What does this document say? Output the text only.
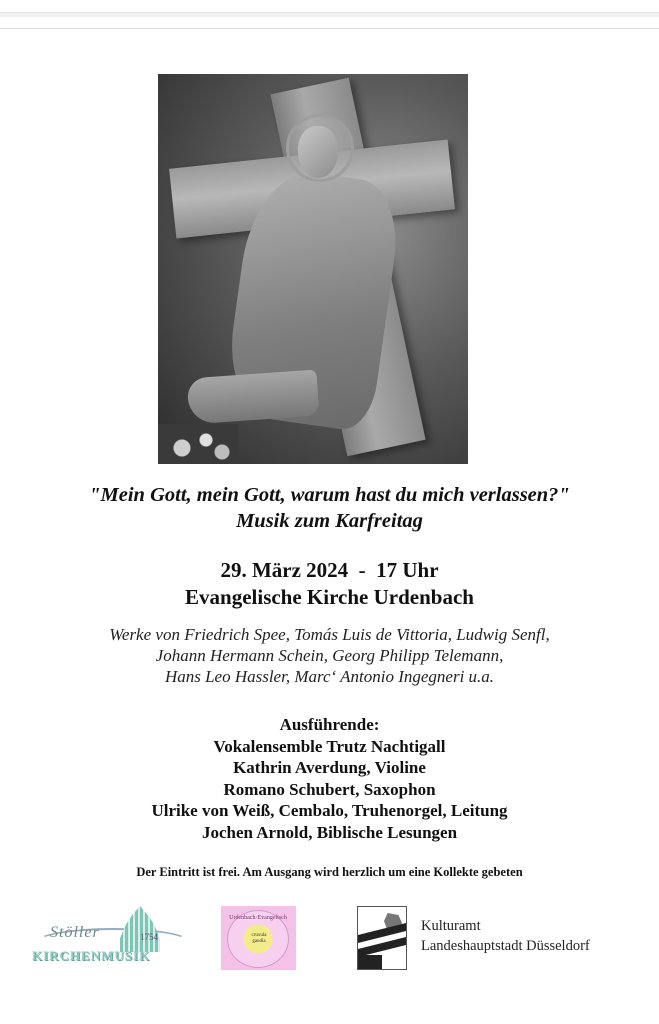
"Mein Gott, mein Gott, warum hast du mich verlassen?"
Musik zum Karfreitag
29. März 2024  -  17 Uhr
Evangelische Kirche Urdenbach
Werke von Friedrich Spee, Tomás Luis de Vittoria, Ludwig Senfl,
Johann Hermann Schein, Georg Philipp Telemann,
Hans Leo Hassler, Marc‘ Antonio Ingegneri u.a.
Ausführende:
Vokalensemble Trutz Nachtigall
Kathrin Averdung, Violine
Romano Schubert, Saxophon
Ulrike von Weiß, Cembalo, Truhenorgel, Leitung
Jochen Arnold, Biblische Lesungen
Der Eintritt ist frei. Am Ausgang wird herzlich um eine Kollekte gebeten
Stöller	1754
KIRCHENMUSIK
Urdenbach·Evangelisch
cruxula gaudia
Kulturamt
Landeshauptstadt Düsseldorf
